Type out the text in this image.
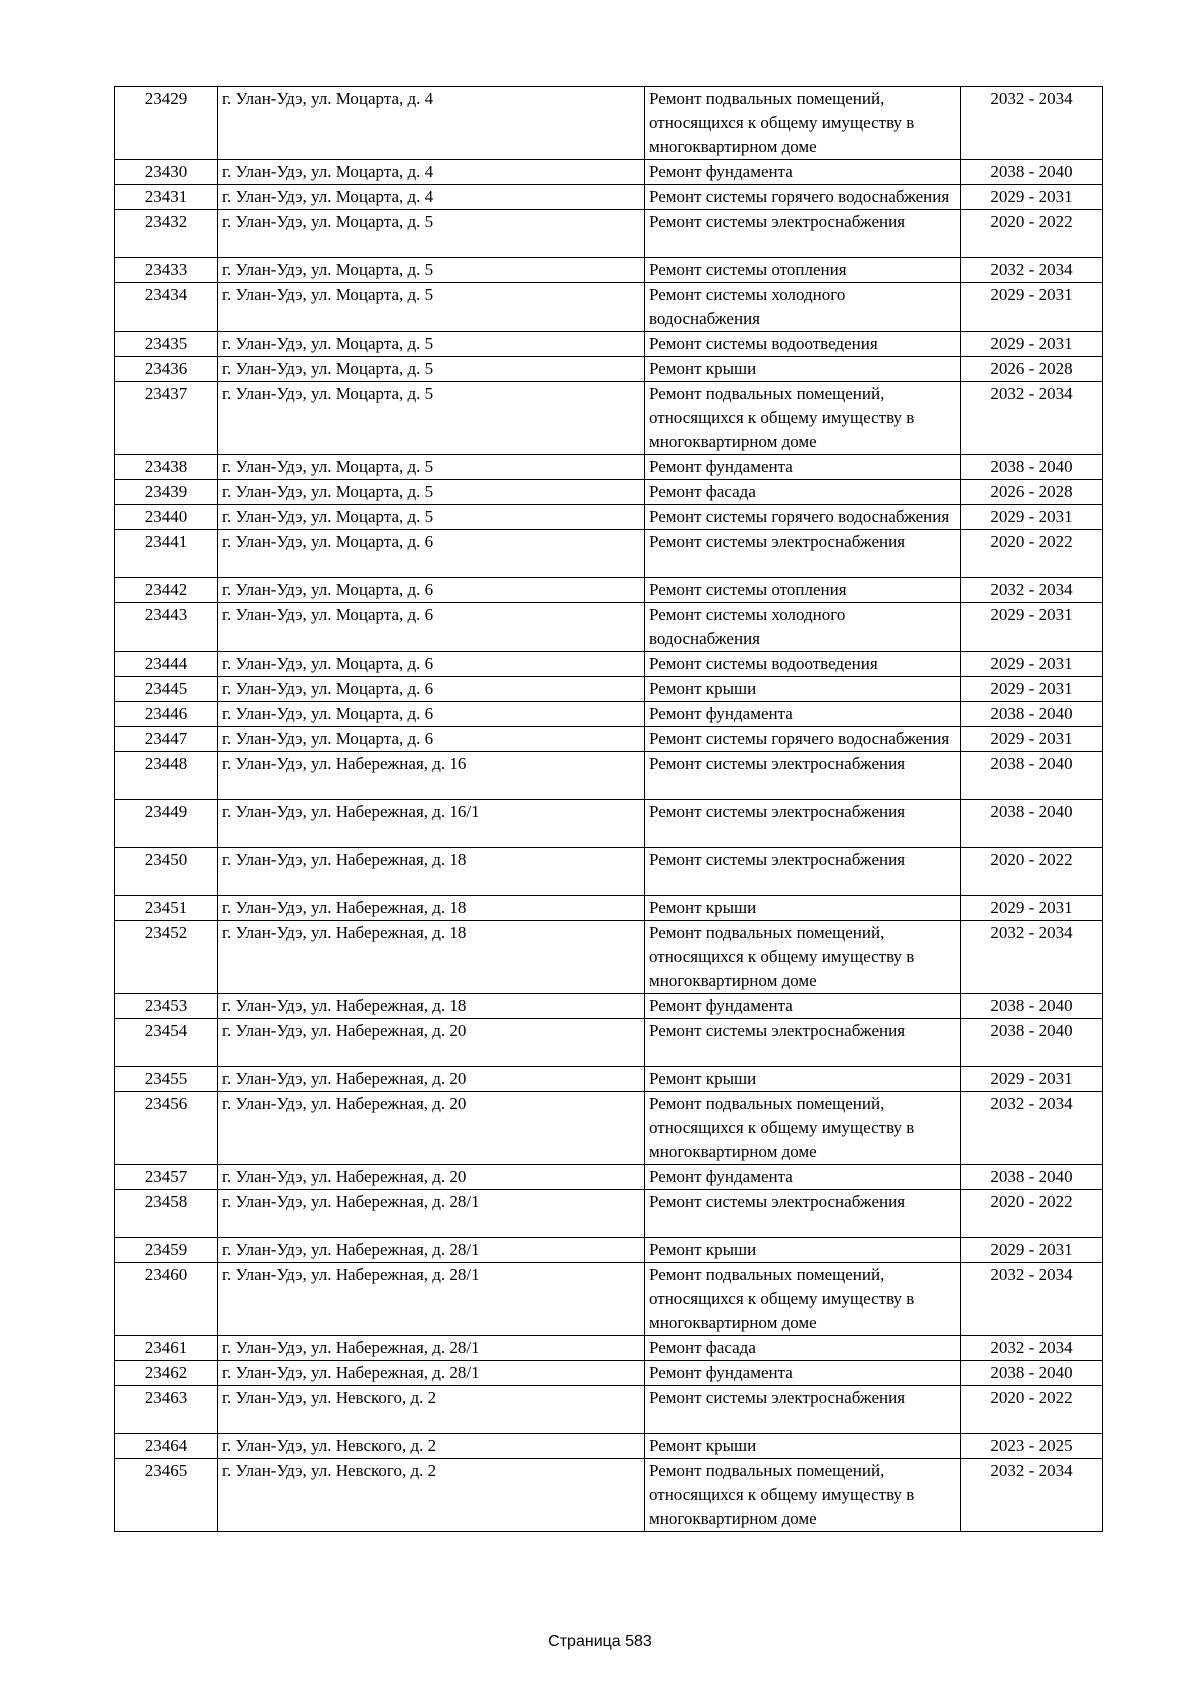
23429	г. Улан-Удэ, ул. Моцарта, д. 4	Ремонт подвальных помещений, относящихся к общему имуществу в многоквартирном доме	2032 - 2034
23430	г. Улан-Удэ, ул. Моцарта, д. 4	Ремонт фундамента	2038 - 2040
23431	г. Улан-Удэ, ул. Моцарта, д. 4	Ремонт системы горячего водоснабжения	2029 - 2031
23432	г. Улан-Удэ, ул. Моцарта, д. 5	Ремонт системы электроснабжения	2020 - 2022
23433	г. Улан-Удэ, ул. Моцарта, д. 5	Ремонт системы отопления	2032 - 2034
23434	г. Улан-Удэ, ул. Моцарта, д. 5	Ремонт системы холодного водоснабжения	2029 - 2031
23435	г. Улан-Удэ, ул. Моцарта, д. 5	Ремонт системы водоотведения	2029 - 2031
23436	г. Улан-Удэ, ул. Моцарта, д. 5	Ремонт крыши	2026 - 2028
23437	г. Улан-Удэ, ул. Моцарта, д. 5	Ремонт подвальных помещений, относящихся к общему имуществу в многоквартирном доме	2032 - 2034
23438	г. Улан-Удэ, ул. Моцарта, д. 5	Ремонт фундамента	2038 - 2040
23439	г. Улан-Удэ, ул. Моцарта, д. 5	Ремонт фасада	2026 - 2028
23440	г. Улан-Удэ, ул. Моцарта, д. 5	Ремонт системы горячего водоснабжения	2029 - 2031
23441	г. Улан-Удэ, ул. Моцарта, д. 6	Ремонт системы электроснабжения	2020 - 2022
23442	г. Улан-Удэ, ул. Моцарта, д. 6	Ремонт системы отопления	2032 - 2034
23443	г. Улан-Удэ, ул. Моцарта, д. 6	Ремонт системы холодного водоснабжения	2029 - 2031
23444	г. Улан-Удэ, ул. Моцарта, д. 6	Ремонт системы водоотведения	2029 - 2031
23445	г. Улан-Удэ, ул. Моцарта, д. 6	Ремонт крыши	2029 - 2031
23446	г. Улан-Удэ, ул. Моцарта, д. 6	Ремонт фундамента	2038 - 2040
23447	г. Улан-Удэ, ул. Моцарта, д. 6	Ремонт системы горячего водоснабжения	2029 - 2031
23448	г. Улан-Удэ, ул. Набережная, д. 16	Ремонт системы электроснабжения	2038 - 2040
23449	г. Улан-Удэ, ул. Набережная, д. 16/1	Ремонт системы электроснабжения	2038 - 2040
23450	г. Улан-Удэ, ул. Набережная, д. 18	Ремонт системы электроснабжения	2020 - 2022
23451	г. Улан-Удэ, ул. Набережная, д. 18	Ремонт крыши	2029 - 2031
23452	г. Улан-Удэ, ул. Набережная, д. 18	Ремонт подвальных помещений, относящихся к общему имуществу в многоквартирном доме	2032 - 2034
23453	г. Улан-Удэ, ул. Набережная, д. 18	Ремонт фундамента	2038 - 2040
23454	г. Улан-Удэ, ул. Набережная, д. 20	Ремонт системы электроснабжения	2038 - 2040
23455	г. Улан-Удэ, ул. Набережная, д. 20	Ремонт крыши	2029 - 2031
23456	г. Улан-Удэ, ул. Набережная, д. 20	Ремонт подвальных помещений, относящихся к общему имуществу в многоквартирном доме	2032 - 2034
23457	г. Улан-Удэ, ул. Набережная, д. 20	Ремонт фундамента	2038 - 2040
23458	г. Улан-Удэ, ул. Набережная, д. 28/1	Ремонт системы электроснабжения	2020 - 2022
23459	г. Улан-Удэ, ул. Набережная, д. 28/1	Ремонт крыши	2029 - 2031
23460	г. Улан-Удэ, ул. Набережная, д. 28/1	Ремонт подвальных помещений, относящихся к общему имуществу в многоквартирном доме	2032 - 2034
23461	г. Улан-Удэ, ул. Набережная, д. 28/1	Ремонт фасада	2032 - 2034
23462	г. Улан-Удэ, ул. Набережная, д. 28/1	Ремонт фундамента	2038 - 2040
23463	г. Улан-Удэ, ул. Невского, д. 2	Ремонт системы электроснабжения	2020 - 2022
23464	г. Улан-Удэ, ул. Невского, д. 2	Ремонт крыши	2023 - 2025
23465	г. Улан-Удэ, ул. Невского, д. 2	Ремонт подвальных помещений, относящихся к общему имуществу в многоквартирном доме	2032 - 2034
Страница 583
